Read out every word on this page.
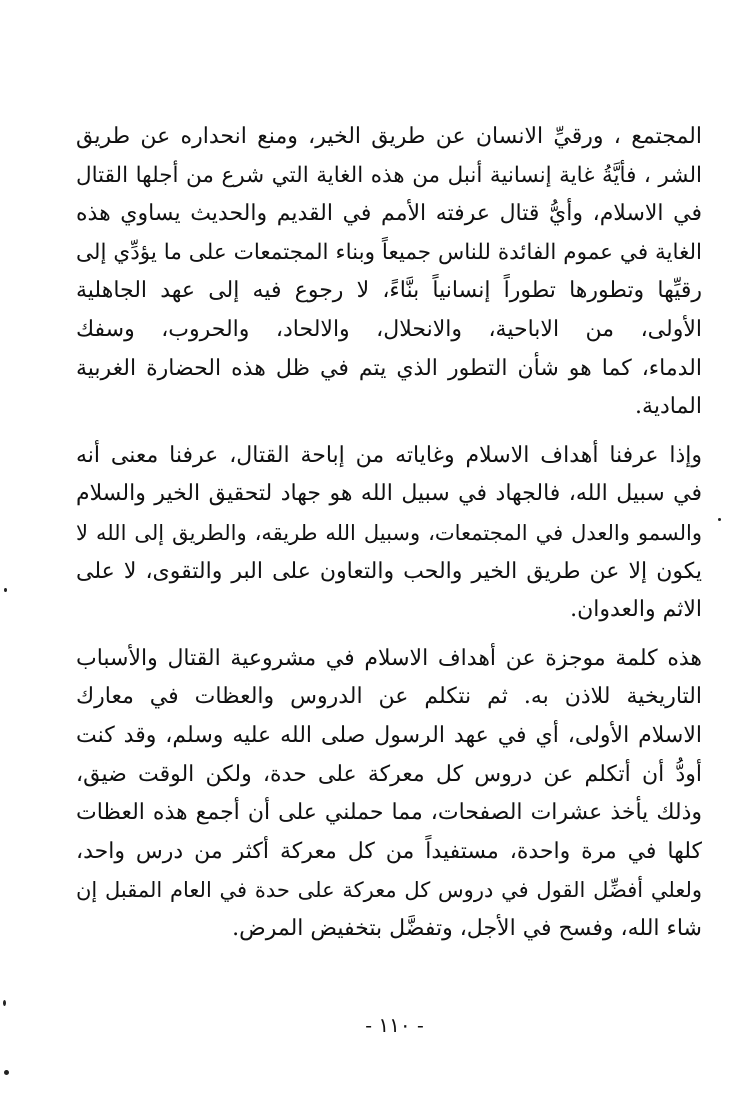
المجتمع ، ورقيِّ الانسان عن طريق الخير، ومنع انحداره عن طريق
الشر ، فأيَّةُ غاية إنسانية أنبل من هذه الغاية التي شرع من أجلها القتال
في الاسلام، وأيُّ قتال عرفته الأمم في القديم والحديث يساوي هذه
الغاية في عموم الفائدة للناس جميعاً وبناء المجتمعات على ما يؤدِّي إلى
رقيِّها وتطورها تطوراً إنسانياً بنَّاءً، لا رجوع فيه إلى عهد الجاهلية
الأولى، من الاباحية، والانحلال، والالحاد، والحروب، وسفك
الدماء، كما هو شأن التطور الذي يتم في ظل هذه الحضارة الغربية
المادية.
وإذا عرفنا أهداف الاسلام وغاياته من إباحة القتال، عرفنا معنى أنه
في سبيل الله، فالجهاد في سبيل الله هو جهاد لتحقيق الخير والسلام
والسمو والعدل في المجتمعات، وسبيل الله طريقه، والطريق إلى الله لا
يكون إلا عن طريق الخير والحب والتعاون على البر والتقوى، لا على
الاثم والعدوان.
هذه كلمة موجزة عن أهداف الاسلام في مشروعية القتال والأسباب
التاريخية للاذن به. ثم نتكلم عن الدروس والعظات في معارك
الاسلام الأولى، أي في عهد الرسول صلى الله عليه وسلم، وقد كنت
أودُّ أن أتكلم عن دروس كل معركة على حدة، ولكن الوقت ضيق،
وذلك يأخذ عشرات الصفحات، مما حملني على أن أجمع هذه العظات
كلها في مرة واحدة، مستفيداً من كل معركة أكثر من درس واحد،
ولعلي أفضِّل القول في دروس كل معركة على حدة في العام المقبل إن
شاء الله، وفسح في الأجل، وتفضَّل بتخفيض المرض.
- ١١٠ -
